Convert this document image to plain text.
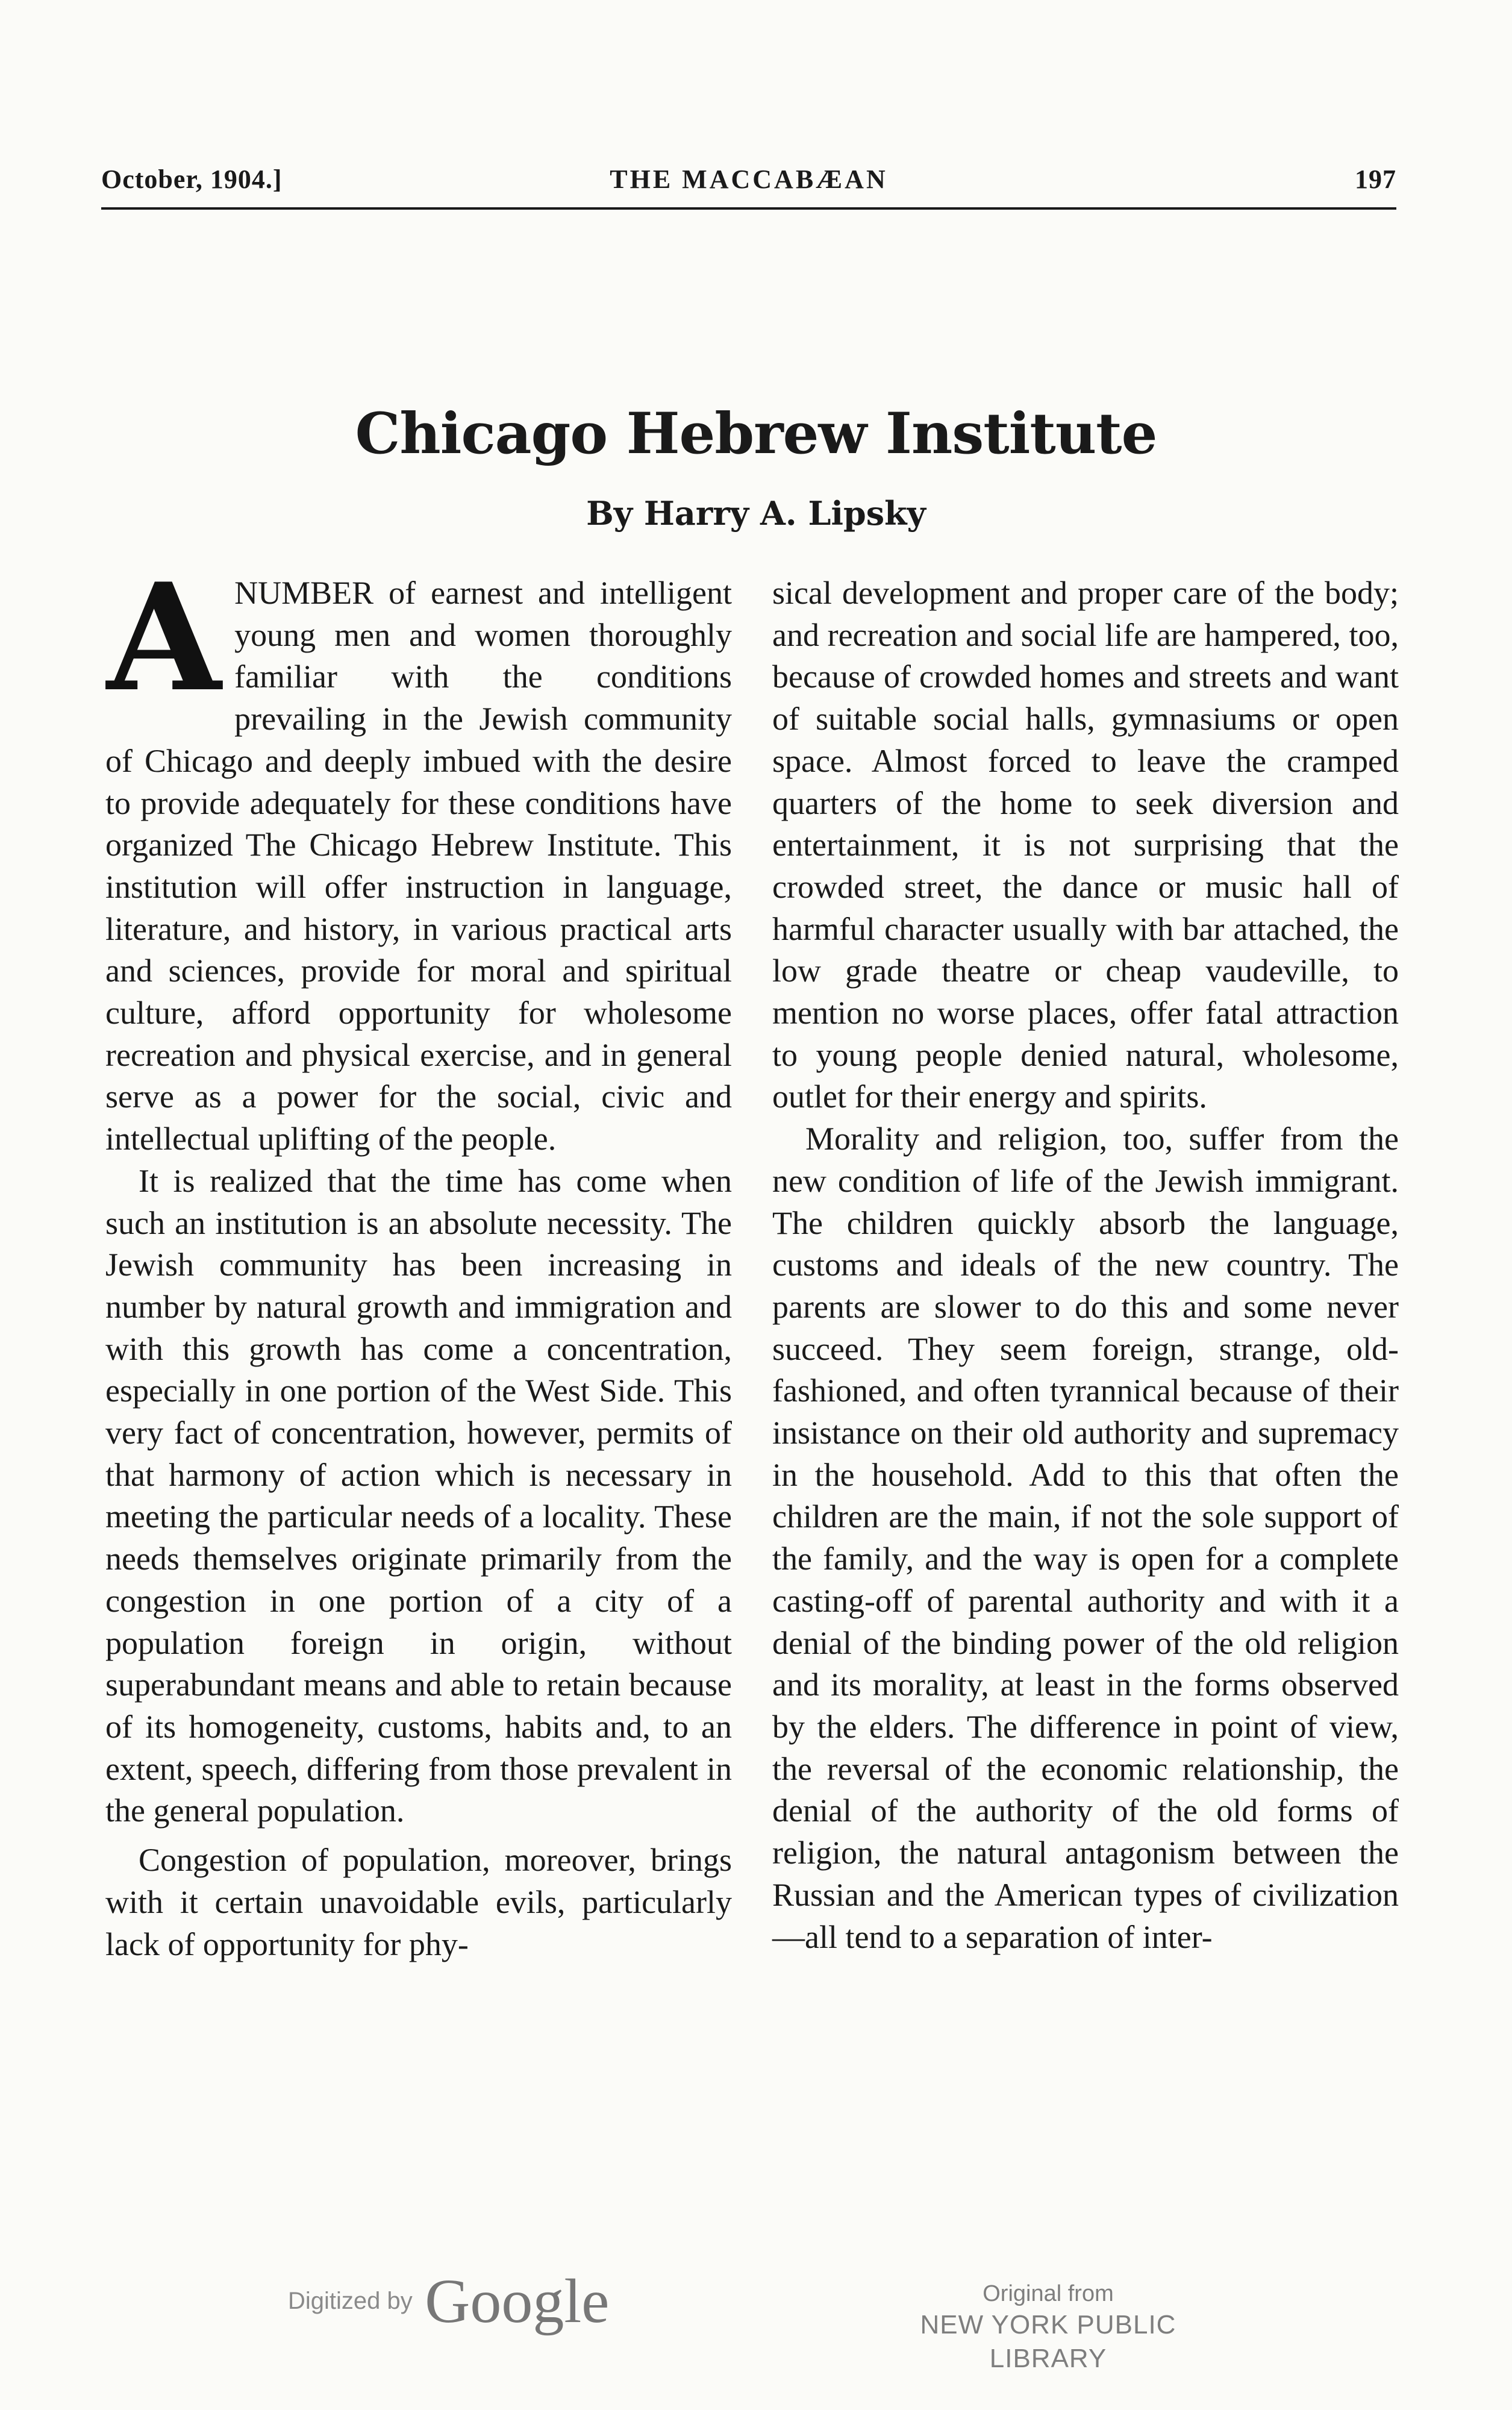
October, 1904.]	THE MACCABÆAN	197
Chicago Hebrew Institute
By Harry A. Lipsky

A NUMBER of earnest and intelligent young men and women thoroughly familiar with the conditions prevailing in the Jewish community of Chicago and deeply imbued with the desire to provide adequately for these conditions have organized The Chicago Hebrew Institute. This institution will offer instruction in language, literature, and history, in various practical arts and sciences, provide for moral and spiritual culture, afford opportunity for wholesome recreation and physical exercise, and in general serve as a power for the social, civic and intellectual uplifting of the people.

It is realized that the time has come when such an institution is an absolute necessity. The Jewish community has been increasing in number by natural growth and immigration and with this growth has come a concentration, especially in one portion of the West Side. This very fact of concentration, however, permits of that harmony of action which is necessary in meeting the particular needs of a locality. These needs themselves originate primarily from the congestion in one portion of a city of a population foreign in origin, without superabundant means and able to retain because of its homogeneity, customs, habits and, to an extent, speech, differing from those prevalent in the general population.

Congestion of population, moreover, brings with it certain unavoidable evils, particularly lack of opportunity for phy-

sical development and proper care of the body; and recreation and social life are hampered, too, because of crowded homes and streets and want of suitable social halls, gymnasiums or open space. Almost forced to leave the cramped quarters of the home to seek diversion and entertainment, it is not surprising that the crowded street, the dance or music hall of harmful character usually with bar attached, the low grade theatre or cheap vaudeville, to mention no worse places, offer fatal attraction to young people denied natural, wholesome, outlet for their energy and spirits.

Morality and religion, too, suffer from the new condition of life of the Jewish immigrant. The children quickly absorb the language, customs and ideals of the new country. The parents are slower to do this and some never succeed. They seem foreign, strange, old-fashioned, and often tyrannical because of their insistance on their old authority and supremacy in the household. Add to this that often the children are the main, if not the sole support of the family, and the way is open for a complete casting-off of parental authority and with it a denial of the binding power of the old religion and its morality, at least in the forms observed by the elders. The difference in point of view, the reversal of the economic relationship, the denial of the authority of the old forms of religion, the natural antagonism between the Russian and the American types of civilization—all tend to a separation of inter-

Digitized by Google	Original from
NEW YORK PUBLIC LIBRARY
